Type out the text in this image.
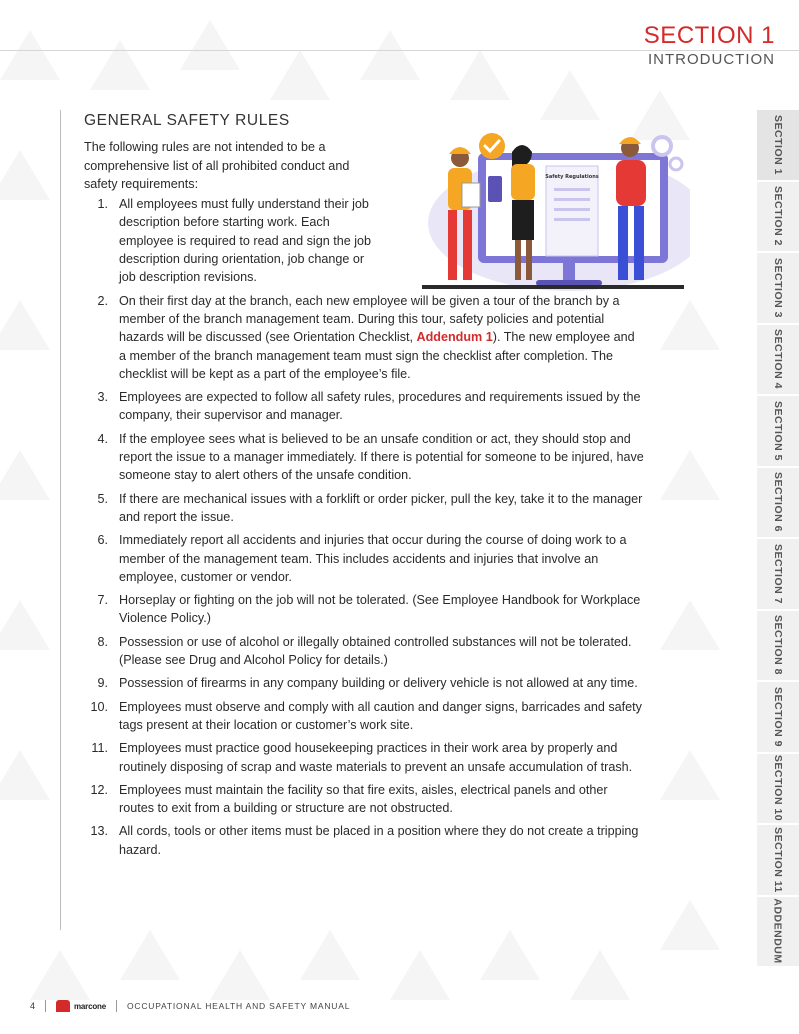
SECTION 1
INTRODUCTION
Safety Regulations
GENERAL SAFETY RULES

The following rules are not intended to be a comprehensive list of all prohibited conduct and safety requirements:

1. All employees must fully understand their job description before starting work. Each employee is required to read and sign the job description during orientation, job change or job description revisions.
2. On their first day at the branch, each new employee will be given a tour of the branch by a member of the branch management team. During this tour, safety policies and potential hazards will be discussed (see Orientation Checklist, Addendum 1). The new employee and a member of the branch management team must sign the checklist after completion. The checklist will be kept as a part of the employee’s file.
3. Employees are expected to follow all safety rules, procedures and requirements issued by the company, their supervisor and manager.
4. If the employee sees what is believed to be an unsafe condition or act, they should stop and report the issue to a manager immediately. If there is potential for someone to be injured, have someone stay to alert others of the unsafe condition.
5. If there are mechanical issues with a forklift or order picker, pull the key, take it to the manager and report the issue.
6. Immediately report all accidents and injuries that occur during the course of doing work to a member of the management team. This includes accidents and injuries that involve an employee, customer or vendor.
7. Horseplay or fighting on the job will not be tolerated. (See Employee Handbook for Workplace Violence Policy.)
8. Possession or use of alcohol or illegally obtained controlled substances will not be tolerated. (Please see Drug and Alcohol Policy for details.)
9. Possession of firearms in any company building or delivery vehicle is not allowed at any time.
10. Employees must observe and comply with all caution and danger signs, barricades and safety tags present at their location or customer’s work site.
11. Employees must practice good housekeeping practices in their work area by properly and routinely disposing of scrap and waste materials to prevent an unsafe accumulation of trash.
12. Employees must maintain the facility so that fire exits, aisles, electrical panels and other routes to exit from a building or structure are not obstructed.
13. All cords, tools or other items must be placed in a position where they do not create a tripping hazard.
SECTION 1
SECTION 2
SECTION 3
SECTION 4
SECTION 5
SECTION 6
SECTION 7
SECTION 8
SECTION 9
SECTION 10
SECTION 11
ADDENDUM
4	marcone OCCUPATIONAL HEALTH AND SAFETY MANUAL
